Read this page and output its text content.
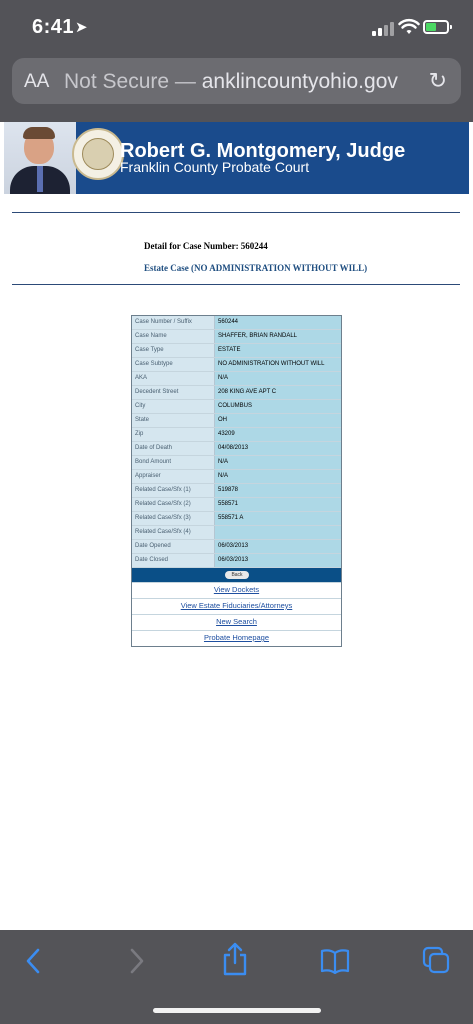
6:41 ➤
AA Not Secure — anklincountyohio.gov ↻
Robert G. Montgomery, Judge
Franklin County Probate Court
Detail for Case Number: 560244
Estate Case (NO ADMINISTRATION WITHOUT WILL)
Case Number / Suffix	560244
Case Name	SHAFFER, BRIAN RANDALL
Case Type	ESTATE
Case Subtype	NO ADMINISTRATION WITHOUT WILL
AKA	N/A
Decedent Street	208 KING AVE APT C
City	COLUMBUS
State	OH
Zip	43209
Date of Death	04/08/2013
Bond Amount	N/A
Appraiser	N/A
Related Case/Sfx (1)	519878
Related Case/Sfx (2)	558571
Related Case/Sfx (3)	558571 A
Related Case/Sfx (4)
Date Opened	06/03/2013
Date Closed	06/03/2013
Back
View Dockets
View Estate Fiduciaries/Attorneys
New Search
Probate Homepage
